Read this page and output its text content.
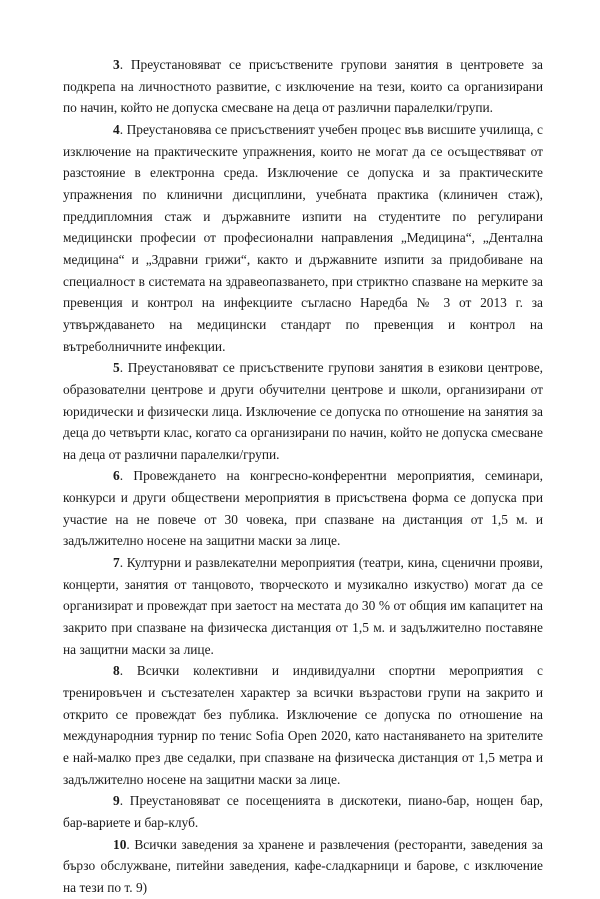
3. Преустановяват се присъствените групови занятия в центровете за подкрепа на личностното развитие, с изключение на тези, които са организирани по начин, който не допуска смесване на деца от различни паралелки/групи.

4. Преустановява се присъственият учебен процес във висшите училища, с изключение на практическите упражнения, които не могат да се осъществяват от разстояние в електронна среда. Изключение се допуска и за практическите упражнения по клинични дисциплини, учебната практика (клиничен стаж), преддипломния стаж и държавните изпити на студентите по регулирани медицински професии от професионални направления „Медицина“, „Дентална медицина“ и „Здравни грижи“, както и държавните изпити за придобиване на специалност в системата на здравеопазването, при стриктно спазване на мерките за превенция и контрол на инфекциите съгласно Наредба № 3 от 2013 г. за утвърждаването на медицински стандарт по превенция и контрол на вътреболничните инфекции.

5. Преустановяват се присъствените групови занятия в езикови центрове, образователни центрове и други обучителни центрове и школи, организирани от юридически и физически лица. Изключение се допуска по отношение на занятия за деца до четвърти клас, когато са организирани по начин, който не допуска смесване на деца от различни паралелки/групи.

6. Провеждането на конгресно-конферентни мероприятия, семинари, конкурси и други обществени мероприятия в присъствена форма се допуска при участие на не повече от 30 човека, при спазване на дистанция от 1,5 м. и задължително носене на защитни маски за лице.

7. Културни и развлекателни мероприятия (театри, кина, сценични прояви, концерти, занятия от танцовото, творческото и музикално изкуство) могат да се организират и провеждат при заетост на местата до 30 % от общия им капацитет на закрито при спазване на физическа дистанция от 1,5 м. и задължително поставяне на защитни маски за лице.

8. Всички колективни и индивидуални спортни мероприятия с тренировъчен и състезателен характер за всички възрастови групи на закрито и открито се провеждат без публика. Изключение се допуска по отношение на международния турнир по тенис Sofia Open 2020, като настаняването на зрителите е най-малко през две седалки, при спазване на физическа дистанция от 1,5 метра и задължително носене на защитни маски за лице.

9. Преустановяват се посещенията в дискотеки, пиано-бар, нощен бар, бар-вариете и бар-клуб.

10. Всички заведения за хранене и развлечения (ресторанти, заведения за бързо обслужване, питейни заведения, кафе-сладкарници и барове, с изключение на тези по т. 9)
